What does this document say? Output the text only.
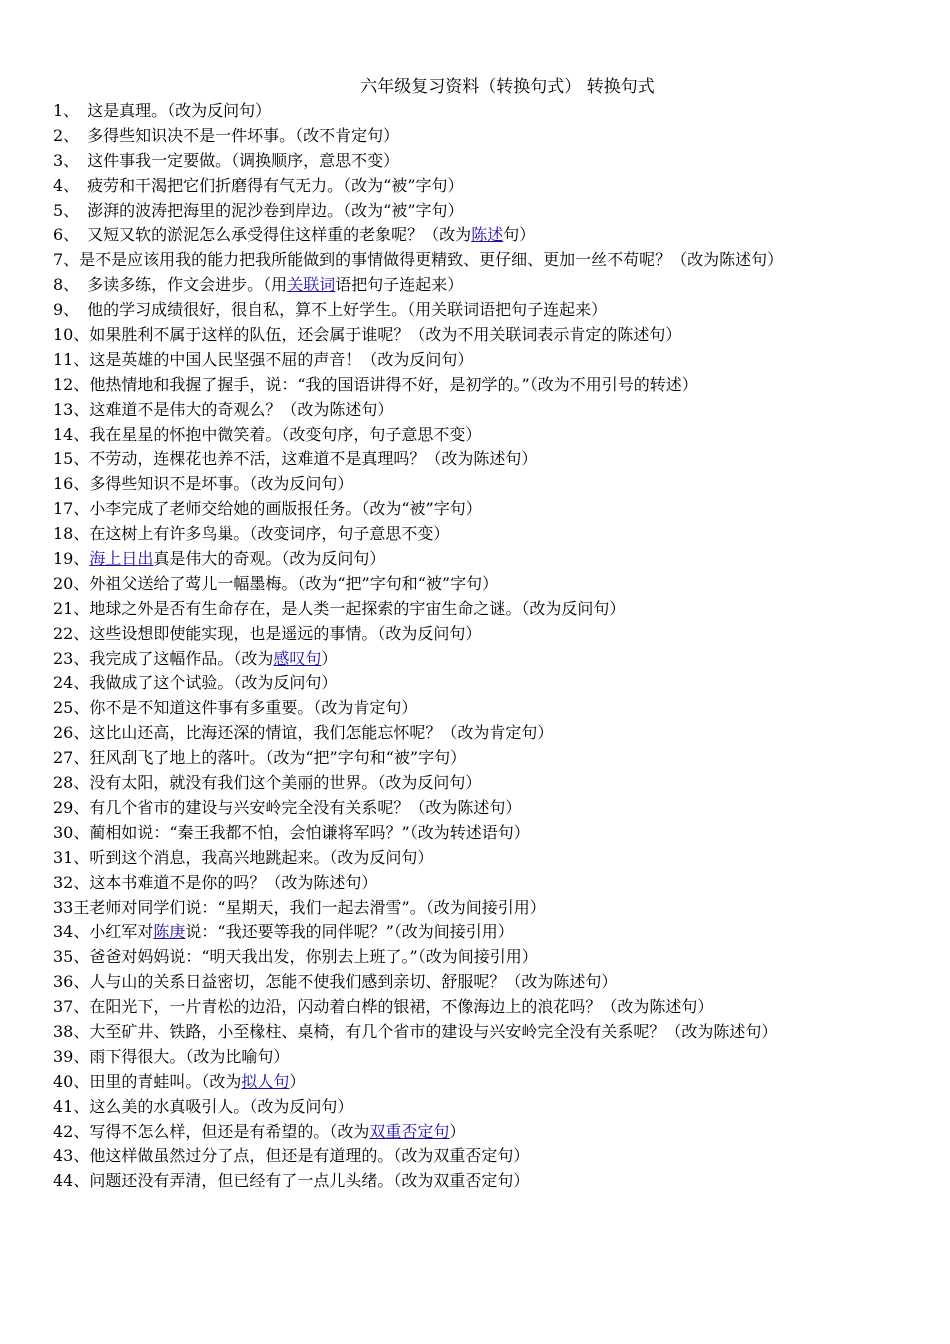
六年级复习资料（转换句式） 转换句式
1、　这是真理。（改为反问句）
2、　多得些知识决不是一件坏事。（改不肯定句）
3、　这件事我一定要做。（调换顺序，意思不变）
4、　疲劳和干渴把它们折磨得有气无力。（改为“被”字句）
5、　澎湃的波涛把海里的泥沙卷到岸边。（改为“被”字句）
6、　又短又软的淤泥怎么承受得住这样重的老象呢？（改为陈述句）
7、是不是应该用我的能力把我所能做到的事情做得更精致、更仔细、更加一丝不苟呢？（改为陈述句）
8、　多读多练，作文会进步。（用关联词语把句子连起来）
9、　他的学习成绩很好，很自私，算不上好学生。（用关联词语把句子连起来）
10、如果胜利不属于这样的队伍，还会属于谁呢？（改为不用关联词表示肯定的陈述句）
11、这是英雄的中国人民坚强不屈的声音！（改为反问句）
12、他热情地和我握了握手，说：“我的国语讲得不好，是初学的。”（改为不用引号的转述）
13、这难道不是伟大的奇观么？（改为陈述句）
14、我在星星的怀抱中微笑着。（改变句序，句子意思不变）
15、不劳动，连棵花也养不活，这难道不是真理吗？（改为陈述句）
16、多得些知识不是坏事。（改为反问句）
17、小李完成了老师交给她的画版报任务。（改为“被”字句）
18、在这树上有许多鸟巢。（改变词序，句子意思不变）
19、海上日出真是伟大的奇观。（改为反问句）
20、外祖父送给了莺儿一幅墨梅。（改为“把”字句和“被”字句）
21、地球之外是否有生命存在，是人类一起探索的宇宙生命之谜。（改为反问句）
22、这些设想即使能实现，也是遥远的事情。（改为反问句）
23、我完成了这幅作品。（改为感叹句）
24、我做成了这个试验。（改为反问句）
25、你不是不知道这件事有多重要。（改为肯定句）
26、这比山还高，比海还深的情谊，我们怎能忘怀呢？（改为肯定句）
27、狂风刮飞了地上的落叶。（改为“把”字句和“被”字句）
28、没有太阳，就没有我们这个美丽的世界。（改为反问句）
29、有几个省市的建设与兴安岭完全没有关系呢？（改为陈述句）
30、蔺相如说：“秦王我都不怕，会怕谦将军吗？”（改为转述语句）
31、听到这个消息，我高兴地跳起来。（改为反问句）
32、这本书难道不是你的吗？（改为陈述句）
33王老师对同学们说：“星期天，我们一起去滑雪”。（改为间接引用）
34、小红军对陈庚说：“我还要等我的同伴呢？”（改为间接引用）
35、爸爸对妈妈说：“明天我出发，你别去上班了。”（改为间接引用）
36、人与山的关系日益密切，怎能不使我们感到亲切、舒服呢？（改为陈述句）
37、在阳光下，一片青松的边沿，闪动着白桦的银裙，不像海边上的浪花吗？（改为陈述句）
38、大至矿井、铁路，小至椽柱、桌椅，有几个省市的建设与兴安岭完全没有关系呢？（改为陈述句）
39、雨下得很大。（改为比喻句）
40、田里的青蛙叫。（改为拟人句）
41、这么美的水真吸引人。（改为反问句）
42、写得不怎么样，但还是有希望的。（改为双重否定句）
43、他这样做虽然过分了点，但还是有道理的。（改为双重否定句）
44、问题还没有弄清，但已经有了一点儿头绪。（改为双重否定句）
